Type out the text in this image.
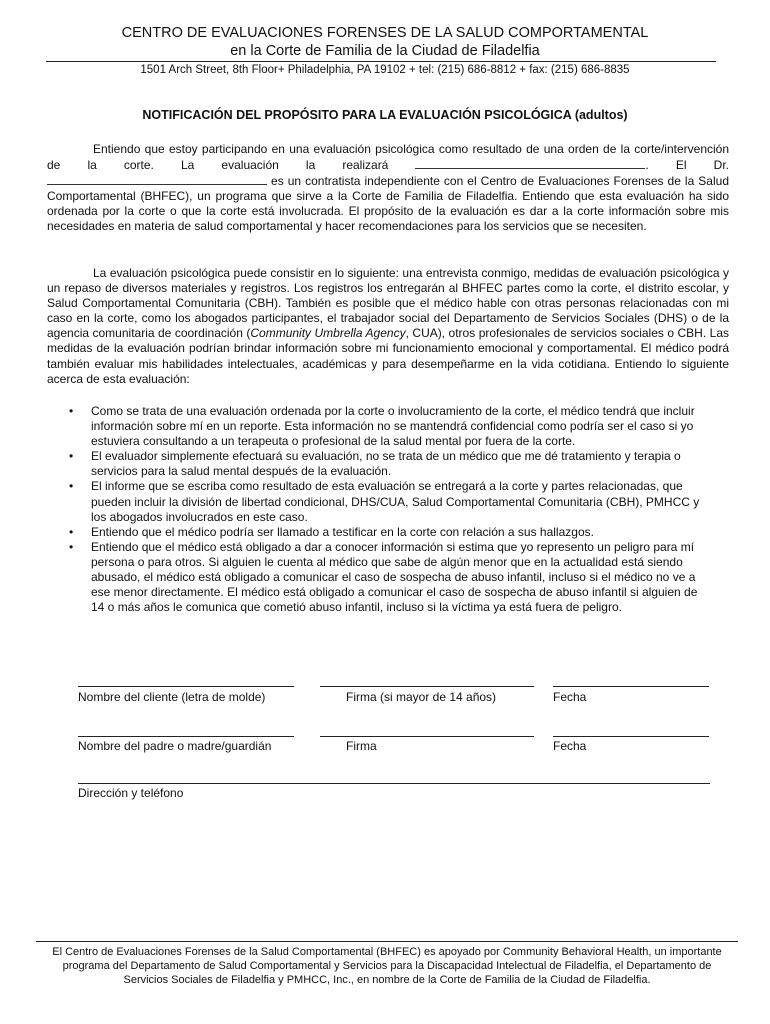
CENTRO DE EVALUACIONES FORENSES DE LA SALUD COMPORTAMENTAL
en la Corte de Familia de la Ciudad de Filadelfia
1501 Arch Street, 8th Floor+ Philadelphia, PA 19102 + tel: (215) 686-8812 + fax: (215) 686-8835
NOTIFICACIÓN DEL PROPÓSITO PARA LA EVALUACIÓN PSICOLÓGICA (adultos)

Entiendo que estoy participando en una evaluación psicológica como resultado de una orden de la corte/intervención de la corte. La evaluación la realizará	. El Dr.  es un contratista independiente con el Centro de Evaluaciones Forenses de la Salud Comportamental (BHFEC), un programa que sirve a la Corte de Familia de Filadelfia. Entiendo que esta evaluación ha sido ordenada por la corte o que la corte está involucrada. El propósito de la evaluación es dar a la corte información sobre mis necesidades en materia de salud comportamental y hacer recomendaciones para los servicios que se necesiten.

La evaluación psicológica puede consistir en lo siguiente: una entrevista conmigo, medidas de evaluación psicológica y un repaso de diversos materiales y registros. Los registros los entregarán al BHFEC partes como la corte, el distrito escolar, y Salud Comportamental Comunitaria (CBH). También es posible que el médico hable con otras personas relacionadas con mi caso en la corte, como los abogados participantes, el trabajador social del Departamento de Servicios Sociales (DHS) o de la agencia comunitaria de coordinación (Community Umbrella Agency, CUA), otros profesionales de servicios sociales o CBH. Las medidas de la evaluación podrían brindar información sobre mi funcionamiento emocional y comportamental. El médico podrá también evaluar mis habilidades intelectuales, académicas y para desempeñarme en la vida cotidiana. Entiendo lo siguiente acerca de esta evaluación:

• Como se trata de una evaluación ordenada por la corte o involucramiento de la corte, el médico tendrá que incluir información sobre mí en un reporte. Esta información no se mantendrá confidencial como podría ser el caso si yo estuviera consultando a un terapeuta o profesional de la salud mental por fuera de la corte.
• El evaluador simplemente efectuará su evaluación, no se trata de un médico que me dé tratamiento y terapia o servicios para la salud mental después de la evaluación.
• El informe que se escriba como resultado de esta evaluación se entregará a la corte y partes relacionadas, que pueden incluir la división de libertad condicional, DHS/CUA, Salud Comportamental Comunitaria (CBH), PMHCC y los abogados involucrados en este caso.
• Entiendo que el médico podría ser llamado a testificar en la corte con relación a sus hallazgos.
• Entiendo que el médico está obligado a dar a conocer información si estima que yo represento un peligro para mí persona o para otros. Si alguien le cuenta al médico que sabe de algún menor que en la actualidad está siendo abusado, el médico está obligado a comunicar el caso de sospecha de abuso infantil, incluso si el médico no ve a ese menor directamente. El médico está obligado a comunicar el caso de sospecha de abuso infantil si alguien de 14 o más años le comunica que cometió abuso infantil, incluso si la víctima ya está fuera de peligro.
Nombre del cliente (letra de molde)	Firma (si mayor de 14 años)	Fecha
Nombre del padre o madre/guardián	Firma	Fecha
Dirección y teléfono
El Centro de Evaluaciones Forenses de la Salud Comportamental (BHFEC) es apoyado por Community Behavioral Health, un importante programa del Departamento de Salud Comportamental y Servicios para la Discapacidad Intelectual de Filadelfia, el Departamento de Servicios Sociales de Filadelfia y PMHCC, Inc., en nombre de la Corte de Familia de la Ciudad de Filadelfia.
